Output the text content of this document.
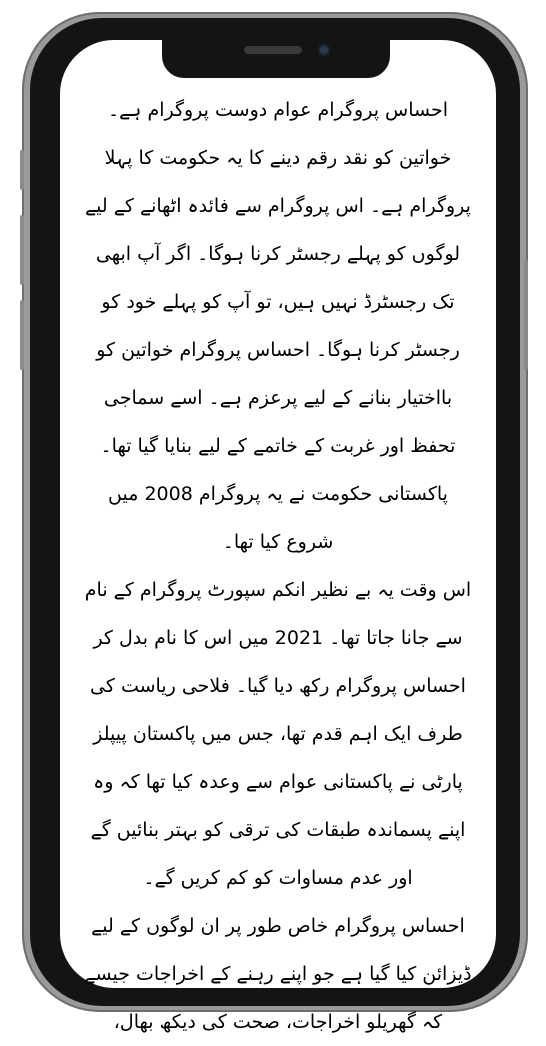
احساس پروگرام عوام دوست پروگرام ہے۔ خواتین کو نقد رقم دینے کا یہ حکومت کا پہلا پروگرام ہے۔ اس پروگرام سے فائدہ اٹھانے کے لیے لوگوں کو پہلے رجسٹر کرنا ہوگا۔ اگر آپ ابھی تک رجسٹرڈ نہیں ہیں، تو آپ کو پہلے خود کو رجسٹر کرنا ہوگا۔ احساس پروگرام خواتین کو بااختیار بنانے کے لیے پرعزم ہے۔ اسے سماجی تحفظ اور غربت کے خاتمے کے لیے بنایا گیا تھا۔ پاکستانی حکومت نے یہ پروگرام 2008 میں شروع کیا تھا۔

اس وقت یہ بے نظیر انکم سپورٹ پروگرام کے نام سے جانا جاتا تھا۔ 2021 میں اس کا نام بدل کر احساس پروگرام رکھ دیا گیا۔ فلاحی ریاست کی طرف ایک اہم قدم تھا، جس میں پاکستان پیپلز پارٹی نے پاکستانی عوام سے وعدہ کیا تھا کہ وہ اپنے پسماندہ طبقات کی ترقی کو بہتر بنائیں گے اور عدم مساوات کو کم کریں گے۔

احساس پروگرام خاص طور پر ان لوگوں کے لیے ڈیزائن کیا گیا ہے جو اپنے رہنے کے اخراجات جیسے کہ گھریلو اخراجات، صحت کی دیکھ بھال،
